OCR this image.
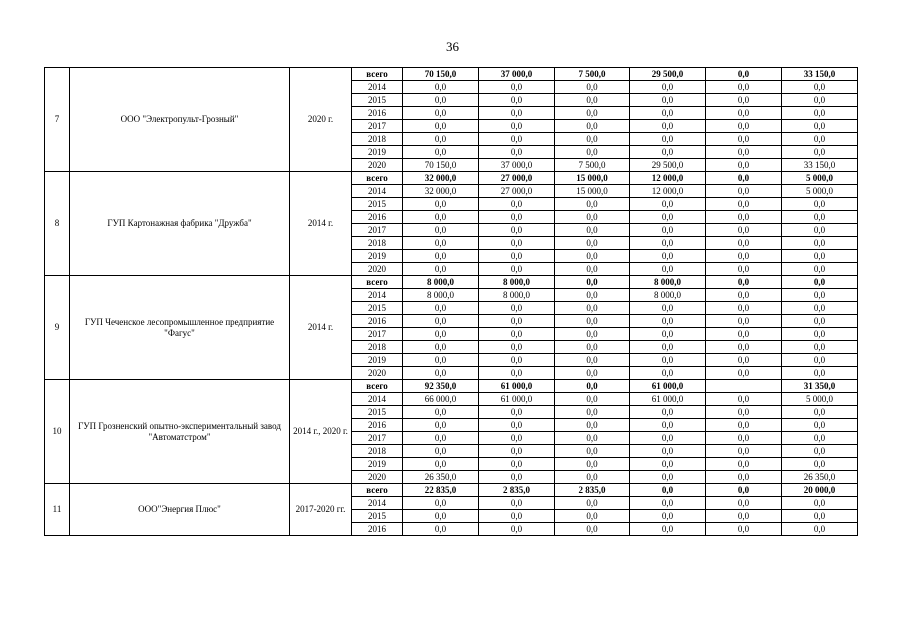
36
7	ООО "Электропульт-Грозный"	2020 г.	всего	70 150,0	37 000,0	7 500,0	29 500,0	0,0	33 150,0
			2014	0,0	0,0	0,0	0,0	0,0	0,0
			2015	0,0	0,0	0,0	0,0	0,0	0,0
			2016	0,0	0,0	0,0	0,0	0,0	0,0
			2017	0,0	0,0	0,0	0,0	0,0	0,0
			2018	0,0	0,0	0,0	0,0	0,0	0,0
			2019	0,0	0,0	0,0	0,0	0,0	0,0
			2020	70 150,0	37 000,0	7 500,0	29 500,0	0,0	33 150,0
8	ГУП Картонажная фабрика "Дружба"	2014 г.	всего	32 000,0	27 000,0	15 000,0	12 000,0	0,0	5 000,0
			2014	32 000,0	27 000,0	15 000,0	12 000,0	0,0	5 000,0
			2015	0,0	0,0	0,0	0,0	0,0	0,0
			2016	0,0	0,0	0,0	0,0	0,0	0,0
			2017	0,0	0,0	0,0	0,0	0,0	0,0
			2018	0,0	0,0	0,0	0,0	0,0	0,0
			2019	0,0	0,0	0,0	0,0	0,0	0,0
			2020	0,0	0,0	0,0	0,0	0,0	0,0
9	ГУП Чеченское лесопромышленное предприятие "Фагус"	2014 г.	всего	8 000,0	8 000,0	0,0	8 000,0	0,0	0,0
			2014	8 000,0	8 000,0	0,0	8 000,0	0,0	0,0
			2015	0,0	0,0	0,0	0,0	0,0	0,0
			2016	0,0	0,0	0,0	0,0	0,0	0,0
			2017	0,0	0,0	0,0	0,0	0,0	0,0
			2018	0,0	0,0	0,0	0,0	0,0	0,0
			2019	0,0	0,0	0,0	0,0	0,0	0,0
			2020	0,0	0,0	0,0	0,0	0,0	0,0
10	ГУП Грозненский опытно-экспериментальный завод "Автоматстром"	2014 г., 2020 г.	всего	92 350,0	61 000,0	0,0	61 000,0		31 350,0
			2014	66 000,0	61 000,0	0,0	61 000,0	0,0	5 000,0
			2015	0,0	0,0	0,0	0,0	0,0	0,0
			2016	0,0	0,0	0,0	0,0	0,0	0,0
			2017	0,0	0,0	0,0	0,0	0,0	0,0
			2018	0,0	0,0	0,0	0,0	0,0	0,0
			2019	0,0	0,0	0,0	0,0	0,0	0,0
			2020	26 350,0	0,0	0,0	0,0	0,0	26 350,0
11	ООО"Энергия Плюс"	2017-2020 гг.	всего	22 835,0	2 835,0	2 835,0	0,0	0,0	20 000,0
			2014	0,0	0,0	0,0	0,0	0,0	0,0
			2015	0,0	0,0	0,0	0,0	0,0	0,0
			2016	0,0	0,0	0,0	0,0	0,0	0,0
